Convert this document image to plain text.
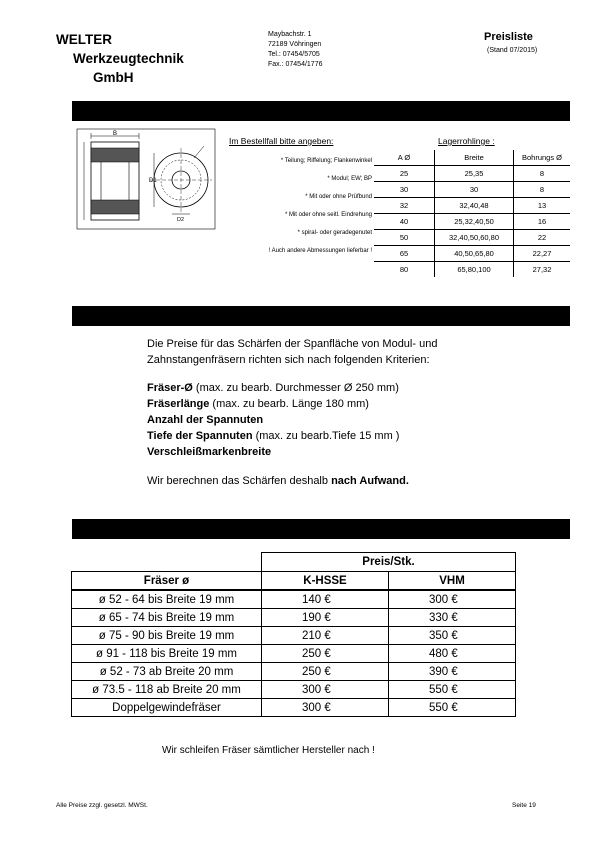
WELTER
Werkzeugtechnik
GmbH
Maybachstr. 1
72189 Vöhringen
Tel.: 07454/5705
Fax.: 07454/1776
Preisliste
(Stand 07/2015)
B
D1
D2
Im Bestellfall bitte angeben:
* Teilung; Riffelung; Flankenwinkel
* Modul; EW; BP
* Mit oder ohne Prüfbund
* Mit oder ohne seitl. Eindrehung
* spiral- oder geradegenutet
! Auch andere Abmessungen lieferbar !
Lagerrohlinge :
A Ø	Breite	Bohrungs Ø
25	25,35	8
30	30	8
32	32,40,48	13
40	25,32,40,50	16
50	32,40,50,60,80	22
65	40,50,65,80	22,27
80	65,80,100	27,32
Die Preise für das Schärfen der Spanfläche von Modul- und
Zahnstangenfräsern richten sich nach folgenden Kriterien:
Fräser-Ø (max. zu bearb. Durchmesser Ø 250 mm)
Fräserlänge (max. zu bearb. Länge 180 mm)
Anzahl der Spannuten
Tiefe der Spannuten (max. zu bearb.Tiefe 15 mm )
Verschleißmarkenbreite
Wir berechnen das Schärfen deshalb nach Aufwand.
	Preis/Stk.	
Fräser ø	K-HSSE	VHM
ø 52 - 64 bis Breite 19 mm	140 €	300 €
ø 65 - 74 bis Breite 19 mm	190 €	330 €
ø 75 - 90 bis Breite 19 mm	210 €	350 €
ø 91 - 118 bis Breite 19 mm	250 €	480 €
ø 52 - 73 ab Breite 20 mm	250 €	390 €
ø 73.5 - 118 ab Breite 20 mm	300 €	550 €
Doppelgewindefräser	300 €	550 €
Wir schleifen Fräser sämtlicher Hersteller nach !
Alle Preise zzgl. gesetzl. MWSt.	Seite 19
